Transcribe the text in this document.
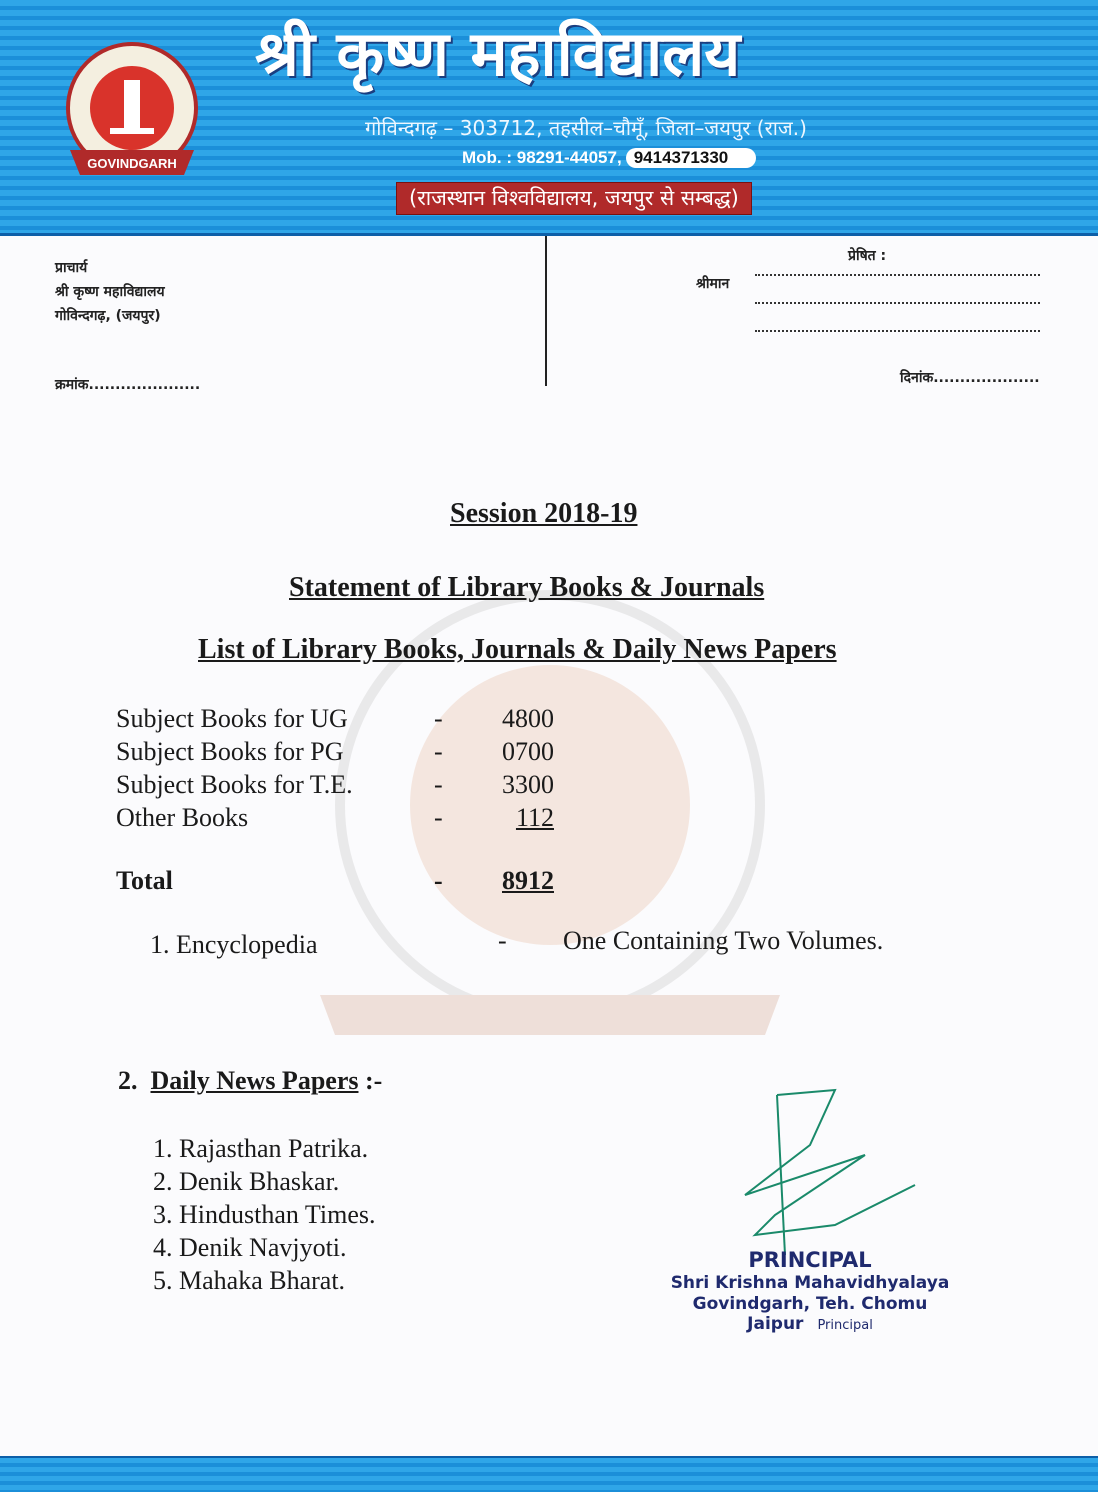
GOVINDGARH
श्री कृष्ण महाविद्यालय
गोविन्दगढ़ – 303712, तहसील–चौमूँ, जिला–जयपुर (राज.)
Mob. : 98291-44057, 9414371330
(राजस्थान विश्वविद्यालय, जयपुर से सम्बद्ध)
प्राचार्य
श्री कृष्ण महाविद्यालय
गोविन्दगढ़, (जयपुर)
क्रमांक.....................
प्रेषित :
श्रीमान
दिनांक....................
Session 2018-19
Statement of Library Books & Journals
List of Library Books, Journals & Daily News Papers
Subject Books for UG	- 4800
Subject Books for PG	- 0700
Subject Books for T.E.	- 3300
Other Books	-	112
Total	- 8912
1. Encyclopedia	- One Containing Two Volumes.
2. Daily News Papers :-
1. Rajasthan Patrika.
2. Denik Bhaskar.
3. Hindusthan Times.
4. Denik Navjyoti.
5. Mahaka Bharat.
PRINCIPAL
Shri Krishna Mahavidhyalaya
Govindgarh, Teh. Chomu
Jaipur Principal
